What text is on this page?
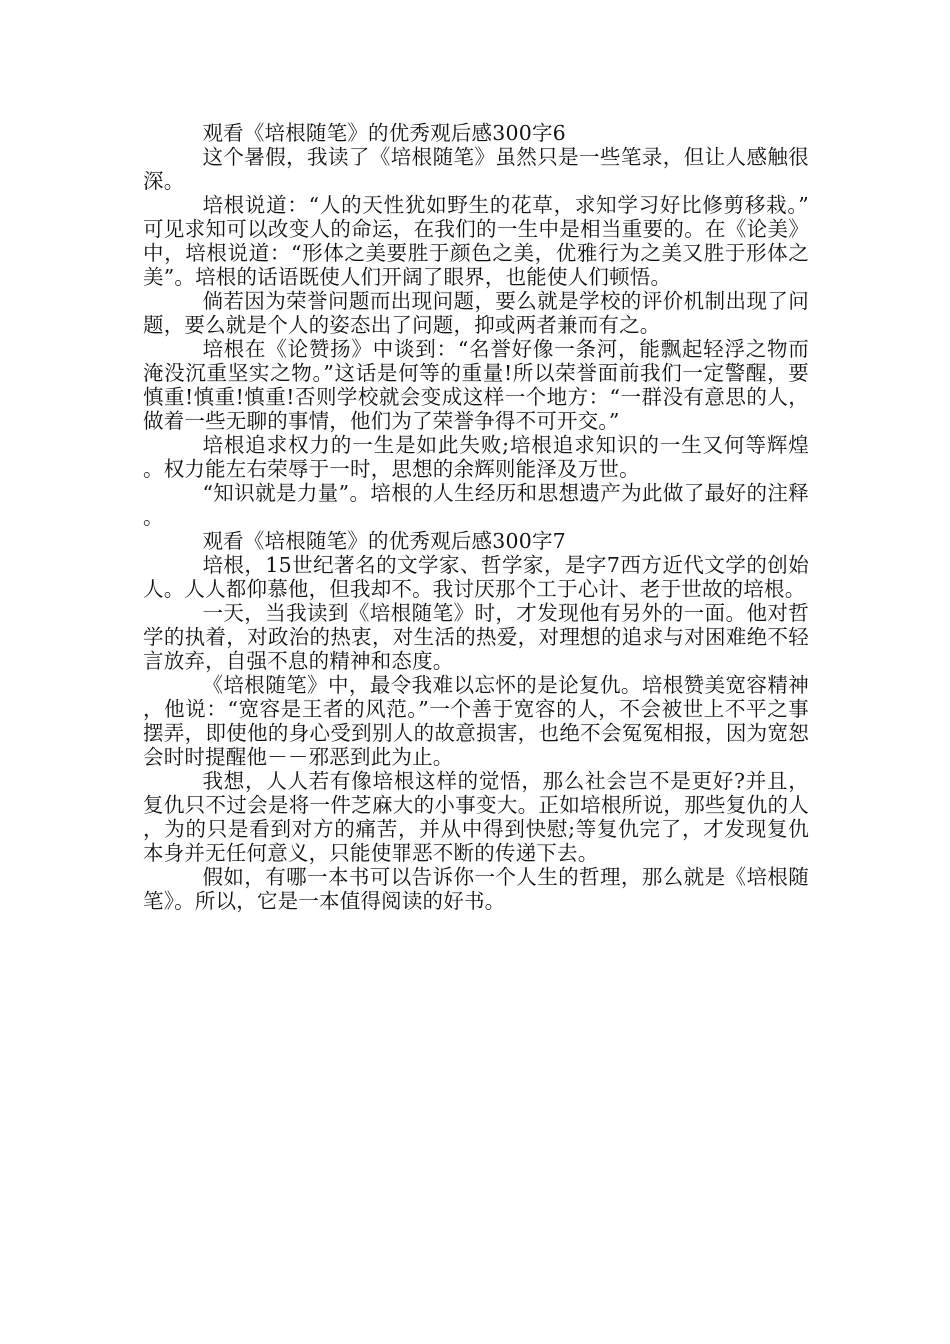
观看《培根随笔》的优秀观后感300字6

这个暑假，我读了《培根随笔》虽然只是一些笔录，但让人感触很深。

培根说道：“人的天性犹如野生的花草，求知学习好比修剪移栽。”可见求知可以改变人的命运，在我们的一生中是相当重要的。在《论美》中，培根说道：“形体之美要胜于颜色之美，优雅行为之美又胜于形体之美”。培根的话语既使人们开阔了眼界，也能使人们顿悟。

倘若因为荣誉问题而出现问题，要么就是学校的评价机制出现了问题，要么就是个人的姿态出了问题，抑或两者兼而有之。

培根在《论赞扬》中谈到：“名誉好像一条河，能飘起轻浮之物而淹没沉重坚实之物。”这话是何等的重量!所以荣誉面前我们一定警醒，要慎重!慎重!慎重!否则学校就会变成这样一个地方：“一群没有意思的人，做着一些无聊的事情，他们为了荣誉争得不可开交。”

培根追求权力的一生是如此失败;培根追求知识的一生又何等辉煌。权力能左右荣辱于一时，思想的余辉则能泽及万世。

“知识就是力量”。培根的人生经历和思想遗产为此做了最好的注释。

观看《培根随笔》的优秀观后感300字7

培根，15世纪著名的文学家、哲学家，是字7西方近代文学的创始人。人人都仰慕他，但我却不。我讨厌那个工于心计、老于世故的培根。

一天，当我读到《培根随笔》时，才发现他有另外的一面。他对哲学的执着，对政治的热衷，对生活的热爱，对理想的追求与对困难绝不轻言放弃，自强不息的精神和态度。

《培根随笔》中，最令我难以忘怀的是论复仇。培根赞美宽容精神，他说：“宽容是王者的风范。”一个善于宽容的人，不会被世上不平之事摆弄，即使他的身心受到别人的故意损害，也绝不会冤冤相报，因为宽恕会时时提醒他－－邪恶到此为止。

我想，人人若有像培根这样的觉悟，那么社会岂不是更好?并且，复仇只不过会是将一件芝麻大的小事变大。正如培根所说，那些复仇的人，为的只是看到对方的痛苦，并从中得到快慰;等复仇完了，才发现复仇本身并无任何意义，只能使罪恶不断的传递下去。

假如，有哪一本书可以告诉你一个人生的哲理，那么就是《培根随笔》。所以，它是一本值得阅读的好书。
